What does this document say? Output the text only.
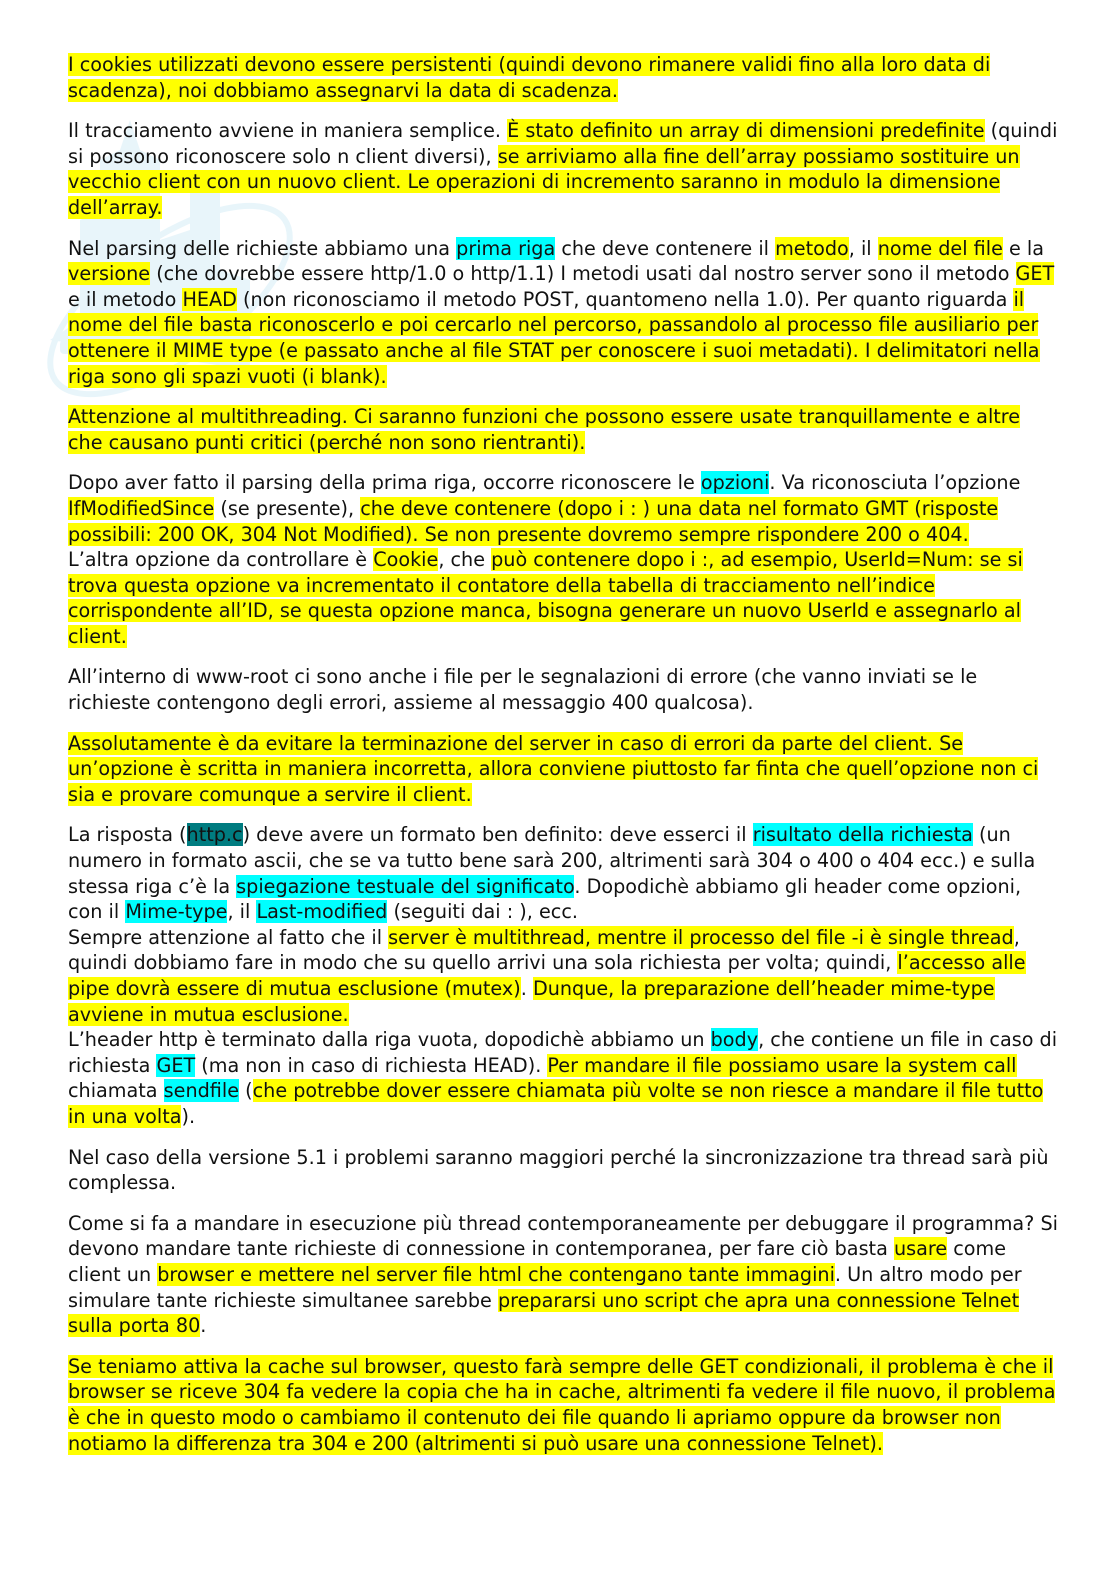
I cookies utilizzati devono essere persistenti (quindi devono rimanere validi fino alla loro data di scadenza), noi dobbiamo assegnarvi la data di scadenza.

Il tracciamento avviene in maniera semplice. È stato definito un array di dimensioni predefinite (quindi si possono riconoscere solo n client diversi), se arriviamo alla fine dell’array possiamo sostituire un vecchio client con un nuovo client. Le operazioni di incremento saranno in modulo la dimensione dell’array.

Nel parsing delle richieste abbiamo una prima riga che deve contenere il metodo, il nome del file e la versione (che dovrebbe essere http/1.0 o http/1.1) I metodi usati dal nostro server sono il metodo GET e il metodo HEAD (non riconosciamo il metodo POST, quantomeno nella 1.0). Per quanto riguarda il nome del file basta riconoscerlo e poi cercarlo nel percorso, passandolo al processo file ausiliario per ottenere il MIME type (e passato anche al file STAT per conoscere i suoi metadati). I delimitatori nella riga sono gli spazi vuoti (i blank).

Attenzione al multithreading. Ci saranno funzioni che possono essere usate tranquillamente e altre che causano punti critici (perché non sono rientranti).

Dopo aver fatto il parsing della prima riga, occorre riconoscere le opzioni. Va riconosciuta l’opzione IfModifiedSince (se presente), che deve contenere (dopo i : ) una data nel formato GMT (risposte possibili: 200 OK, 304 Not Modified). Se non presente dovremo sempre rispondere 200 o 404.

L’altra opzione da controllare è Cookie, che può contenere dopo i :, ad esempio, UserId=Num: se si trova questa opzione va incrementato il contatore della tabella di tracciamento nell’indice corrispondente all’ID, se questa opzione manca, bisogna generare un nuovo UserId e assegnarlo al client.

All’interno di www-root ci sono anche i file per le segnalazioni di errore (che vanno inviati se le richieste contengono degli errori, assieme al messaggio 400 qualcosa).

Assolutamente è da evitare la terminazione del server in caso di errori da parte del client. Se un’opzione è scritta in maniera incorretta, allora conviene piuttosto far finta che quell’opzione non ci sia e provare comunque a servire il client.

La risposta (http.c) deve avere un formato ben definito: deve esserci il risultato della richiesta (un numero in formato ascii, che se va tutto bene sarà 200, altrimenti sarà 304 o 400 o 404 ecc.) e sulla stessa riga c’è la spiegazione testuale del significato. Dopodichè abbiamo gli header come opzioni, con il Mime-type, il Last-modified (seguiti dai : ), ecc.

Sempre attenzione al fatto che il server è multithread, mentre il processo del file -i è single thread, quindi dobbiamo fare in modo che su quello arrivi una sola richiesta per volta; quindi, l’accesso alle pipe dovrà essere di mutua esclusione (mutex). Dunque, la preparazione dell’header mime-type avviene in mutua esclusione.

L’header http è terminato dalla riga vuota, dopodichè abbiamo un body, che contiene un file in caso di richiesta GET (ma non in caso di richiesta HEAD). Per mandare il file possiamo usare la system call chiamata sendfile (che potrebbe dover essere chiamata più volte se non riesce a mandare il file tutto in una volta).

Nel caso della versione 5.1 i problemi saranno maggiori perché la sincronizzazione tra thread sarà più complessa.

Come si fa a mandare in esecuzione più thread contemporaneamente per debuggare il programma? Si devono mandare tante richieste di connessione in contemporanea, per fare ciò basta usare come client un browser e mettere nel server file html che contengano tante immagini. Un altro modo per simulare tante richieste simultanee sarebbe prepararsi uno script che apra una connessione Telnet sulla porta 80.

Se teniamo attiva la cache sul browser, questo farà sempre delle GET condizionali, il problema è che il browser se riceve 304 fa vedere la copia che ha in cache, altrimenti fa vedere il file nuovo, il problema è che in questo modo o cambiamo il contenuto dei file quando li apriamo oppure da browser non notiamo la differenza tra 304 e 200 (altrimenti si può usare una connessione Telnet).
